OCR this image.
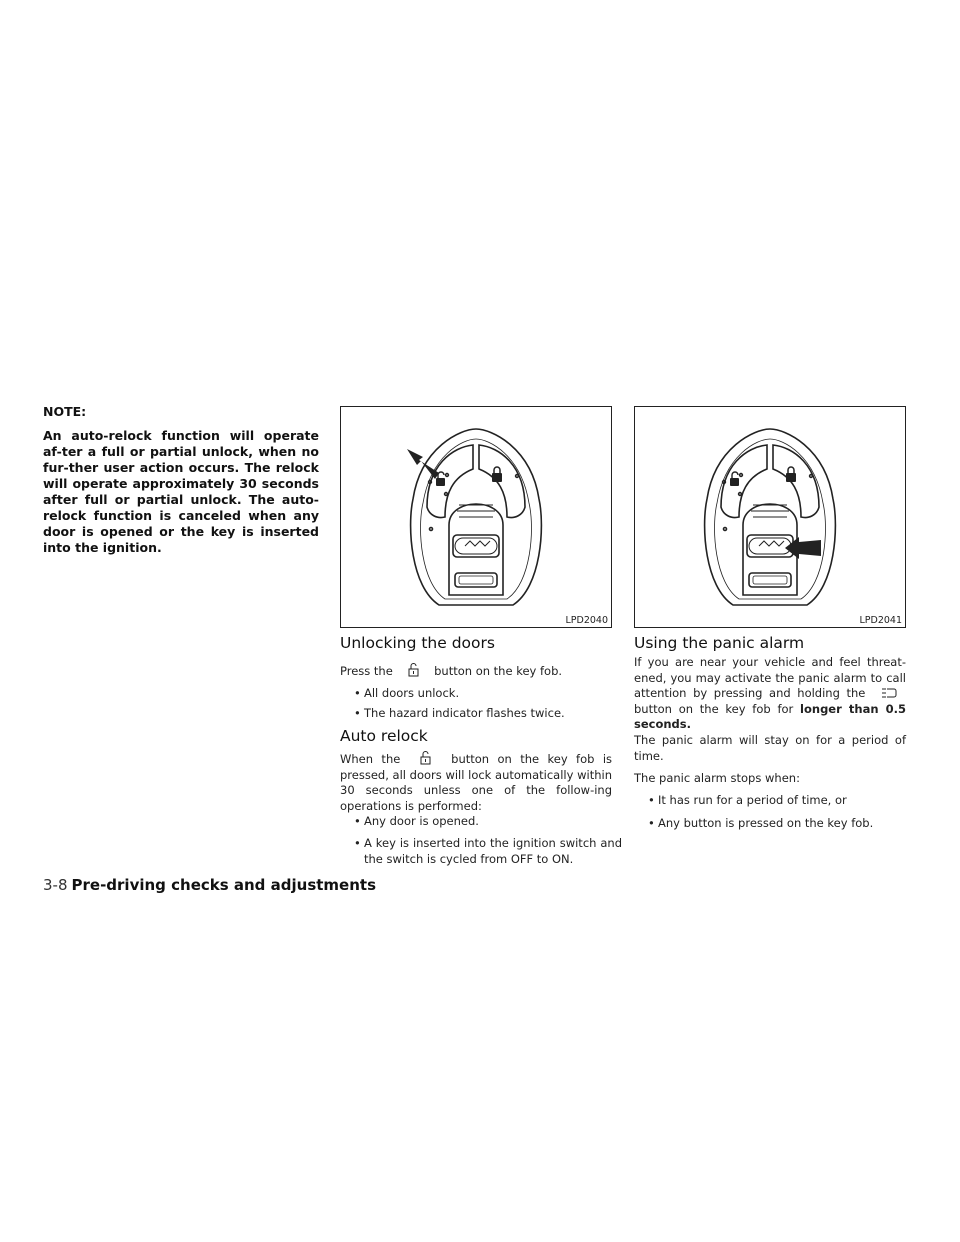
NOTE:

An auto-relock function will operate af-ter a full or partial unlock, when no fur-ther user action occurs. The relock will operate approximately 30 seconds after full or partial unlock. The auto-relock function is canceled when any door is opened or the key is inserted into the ignition.

LPD2040
Unlocking the doors

Press the	button on the key fob.

• All doors unlock.

• The hazard indicator flashes twice.

Auto relock

When the	button on the key fob is pressed, all doors will lock automatically within 30 seconds unless one of the follow-ing operations is performed:

• Any door is opened.

• A key is inserted into the ignition switch and the switch is cycled from OFF to ON.

LPD2041
Using the panic alarm

If you are near your vehicle and feel threat-ened, you may activate the panic alarm to call attention by pressing and holding the  button on the key fob for longer than 0.5 seconds.

The panic alarm will stay on for a period of time.

The panic alarm stops when:

• It has run for a period of time, or

• Any button is pressed on the key fob.

3-8 Pre-driving checks and adjustments
